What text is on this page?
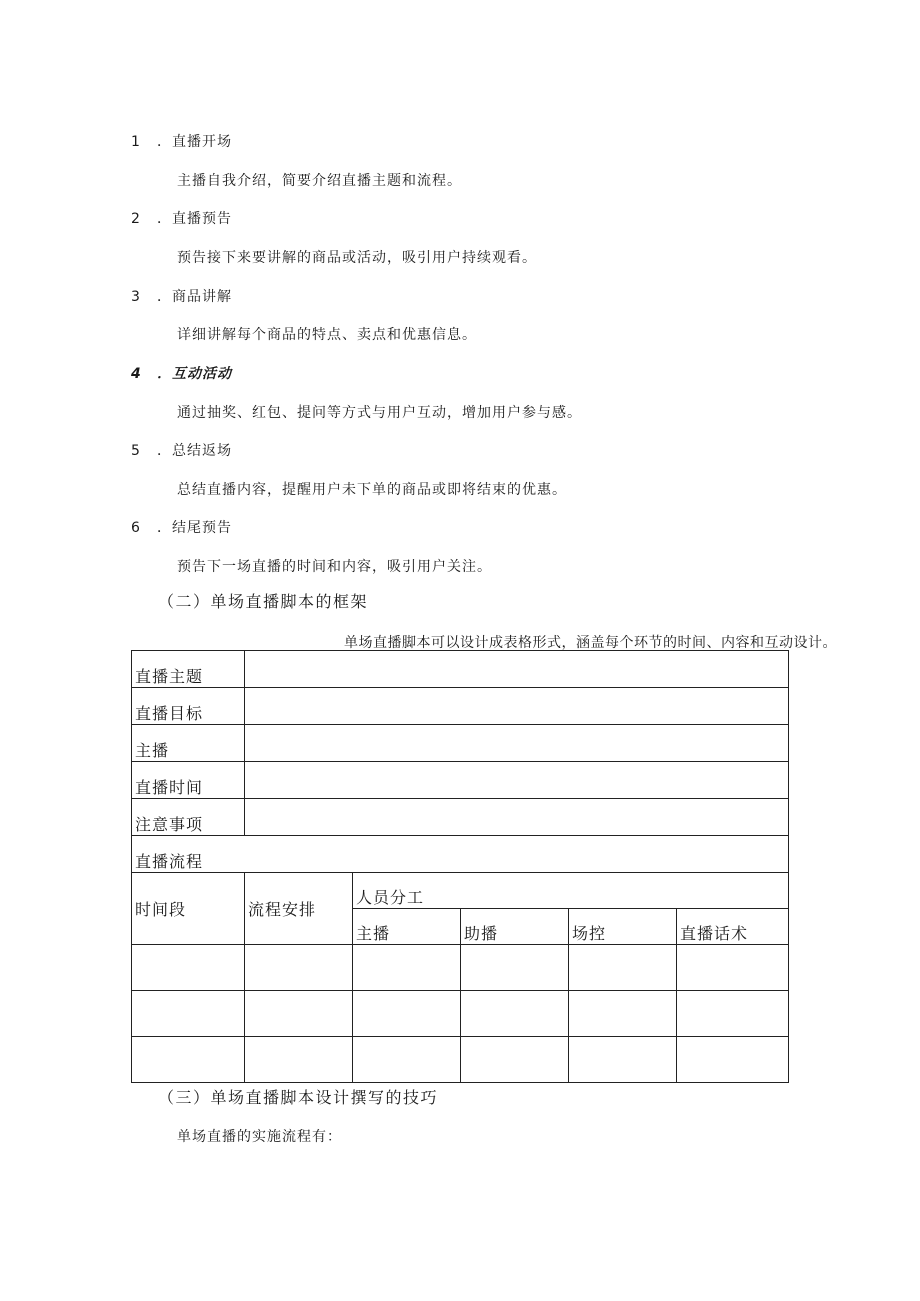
1 ．直播开场
主播自我介绍，简要介绍直播主题和流程。
2 ．直播预告
预告接下来要讲解的商品或活动，吸引用户持续观看。
3 ．商品讲解
详细讲解每个商品的特点、卖点和优惠信息。
4 ．互动活动
通过抽奖、红包、提问等方式与用户互动，增加用户参与感。
5 ．总结返场
总结直播内容，提醒用户未下单的商品或即将结束的优惠。
6 ．结尾预告
预告下一场直播的时间和内容，吸引用户关注。
（二）单场直播脚本的框架
单场直播脚本可以设计成表格形式，涵盖每个环节的时间、内容和互动设计。
直播主题					
直播目标					
主播					
直播时间					
注意事项					
直播流程					
时间段	流程安排	人员分工			
		主播	助播	场控	直播话术

（三）单场直播脚本设计撰写的技巧
单场直播的实施流程有：
